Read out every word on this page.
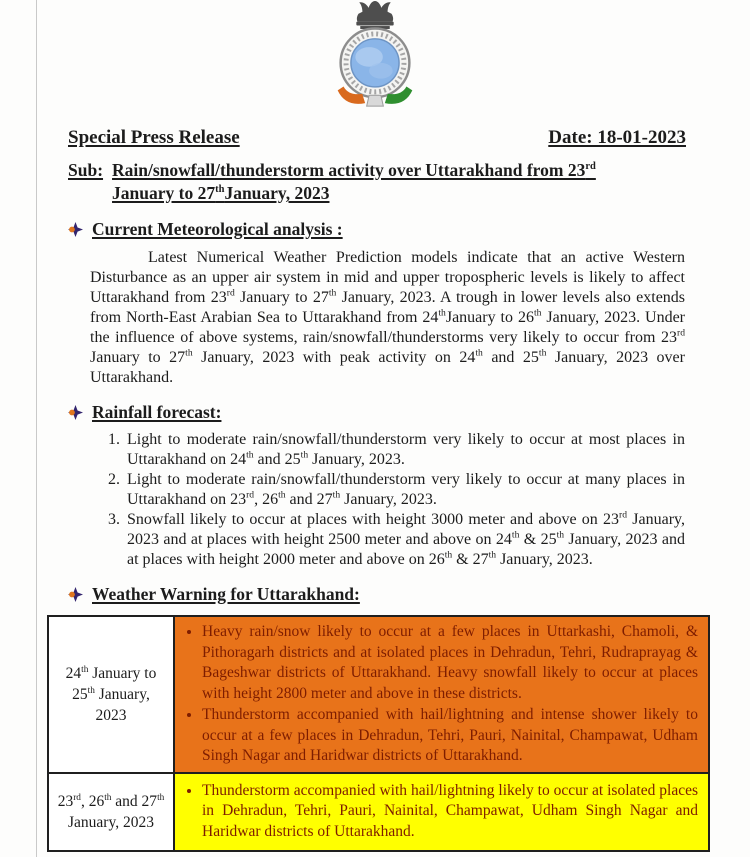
Special Press Release	Date: 18-01-2023
Sub: Rain/snowfall/thunderstorm activity over Uttarakhand from 23rd
January to 27thJanuary, 2023
Current Meteorological analysis :

Latest Numerical Weather Prediction models indicate that an active Western Disturbance as an upper air system in mid and upper tropospheric levels is likely to affect Uttarakhand from 23rd January to 27th January, 2023. A trough in lower levels also extends from North-East Arabian Sea to Uttarakhand from 24thJanuary to 26th January, 2023. Under the influence of above systems, rain/snowfall/thunderstorms very likely to occur from 23rd January to 27th January, 2023 with peak activity on 24th and 25th January, 2023 over Uttarakhand.

Rainfall forecast:
1. Light to moderate rain/snowfall/thunderstorm very likely to occur at most places in Uttarakhand on 24th and 25th January, 2023.
2. Light to moderate rain/snowfall/thunderstorm very likely to occur at many places in Uttarakhand on 23rd, 26th and 27th January, 2023.
3. Snowfall likely to occur at places with height 3000 meter and above on 23rd January, 2023 and at places with height 2500 meter and above on 24th & 25th January, 2023 and at places with height 2000 meter and above on 26th & 27th January, 2023.
Weather Warning for Uttarakhand:
24th January to 25th January, 2023

• Heavy rain/snow likely to occur at a few places in Uttarkashi, Chamoli, & Pithoragarh districts and at isolated places in Dehradun, Tehri, Rudraprayag & Bageshwar districts of Uttarakhand. Heavy snowfall likely to occur at places with height 2800 meter and above in these districts.
• Thunderstorm accompanied with hail/lightning and intense shower likely to occur at a few places in Dehradun, Tehri, Pauri, Nainital, Champawat, Udham Singh Nagar and Haridwar districts of Uttarakhand.

23rd, 26th and 27th January, 2023

• Thunderstorm accompanied with hail/lightning likely to occur at isolated places in Dehradun, Tehri, Pauri, Nainital, Champawat, Udham Singh Nagar and Haridwar districts of Uttarakhand.
